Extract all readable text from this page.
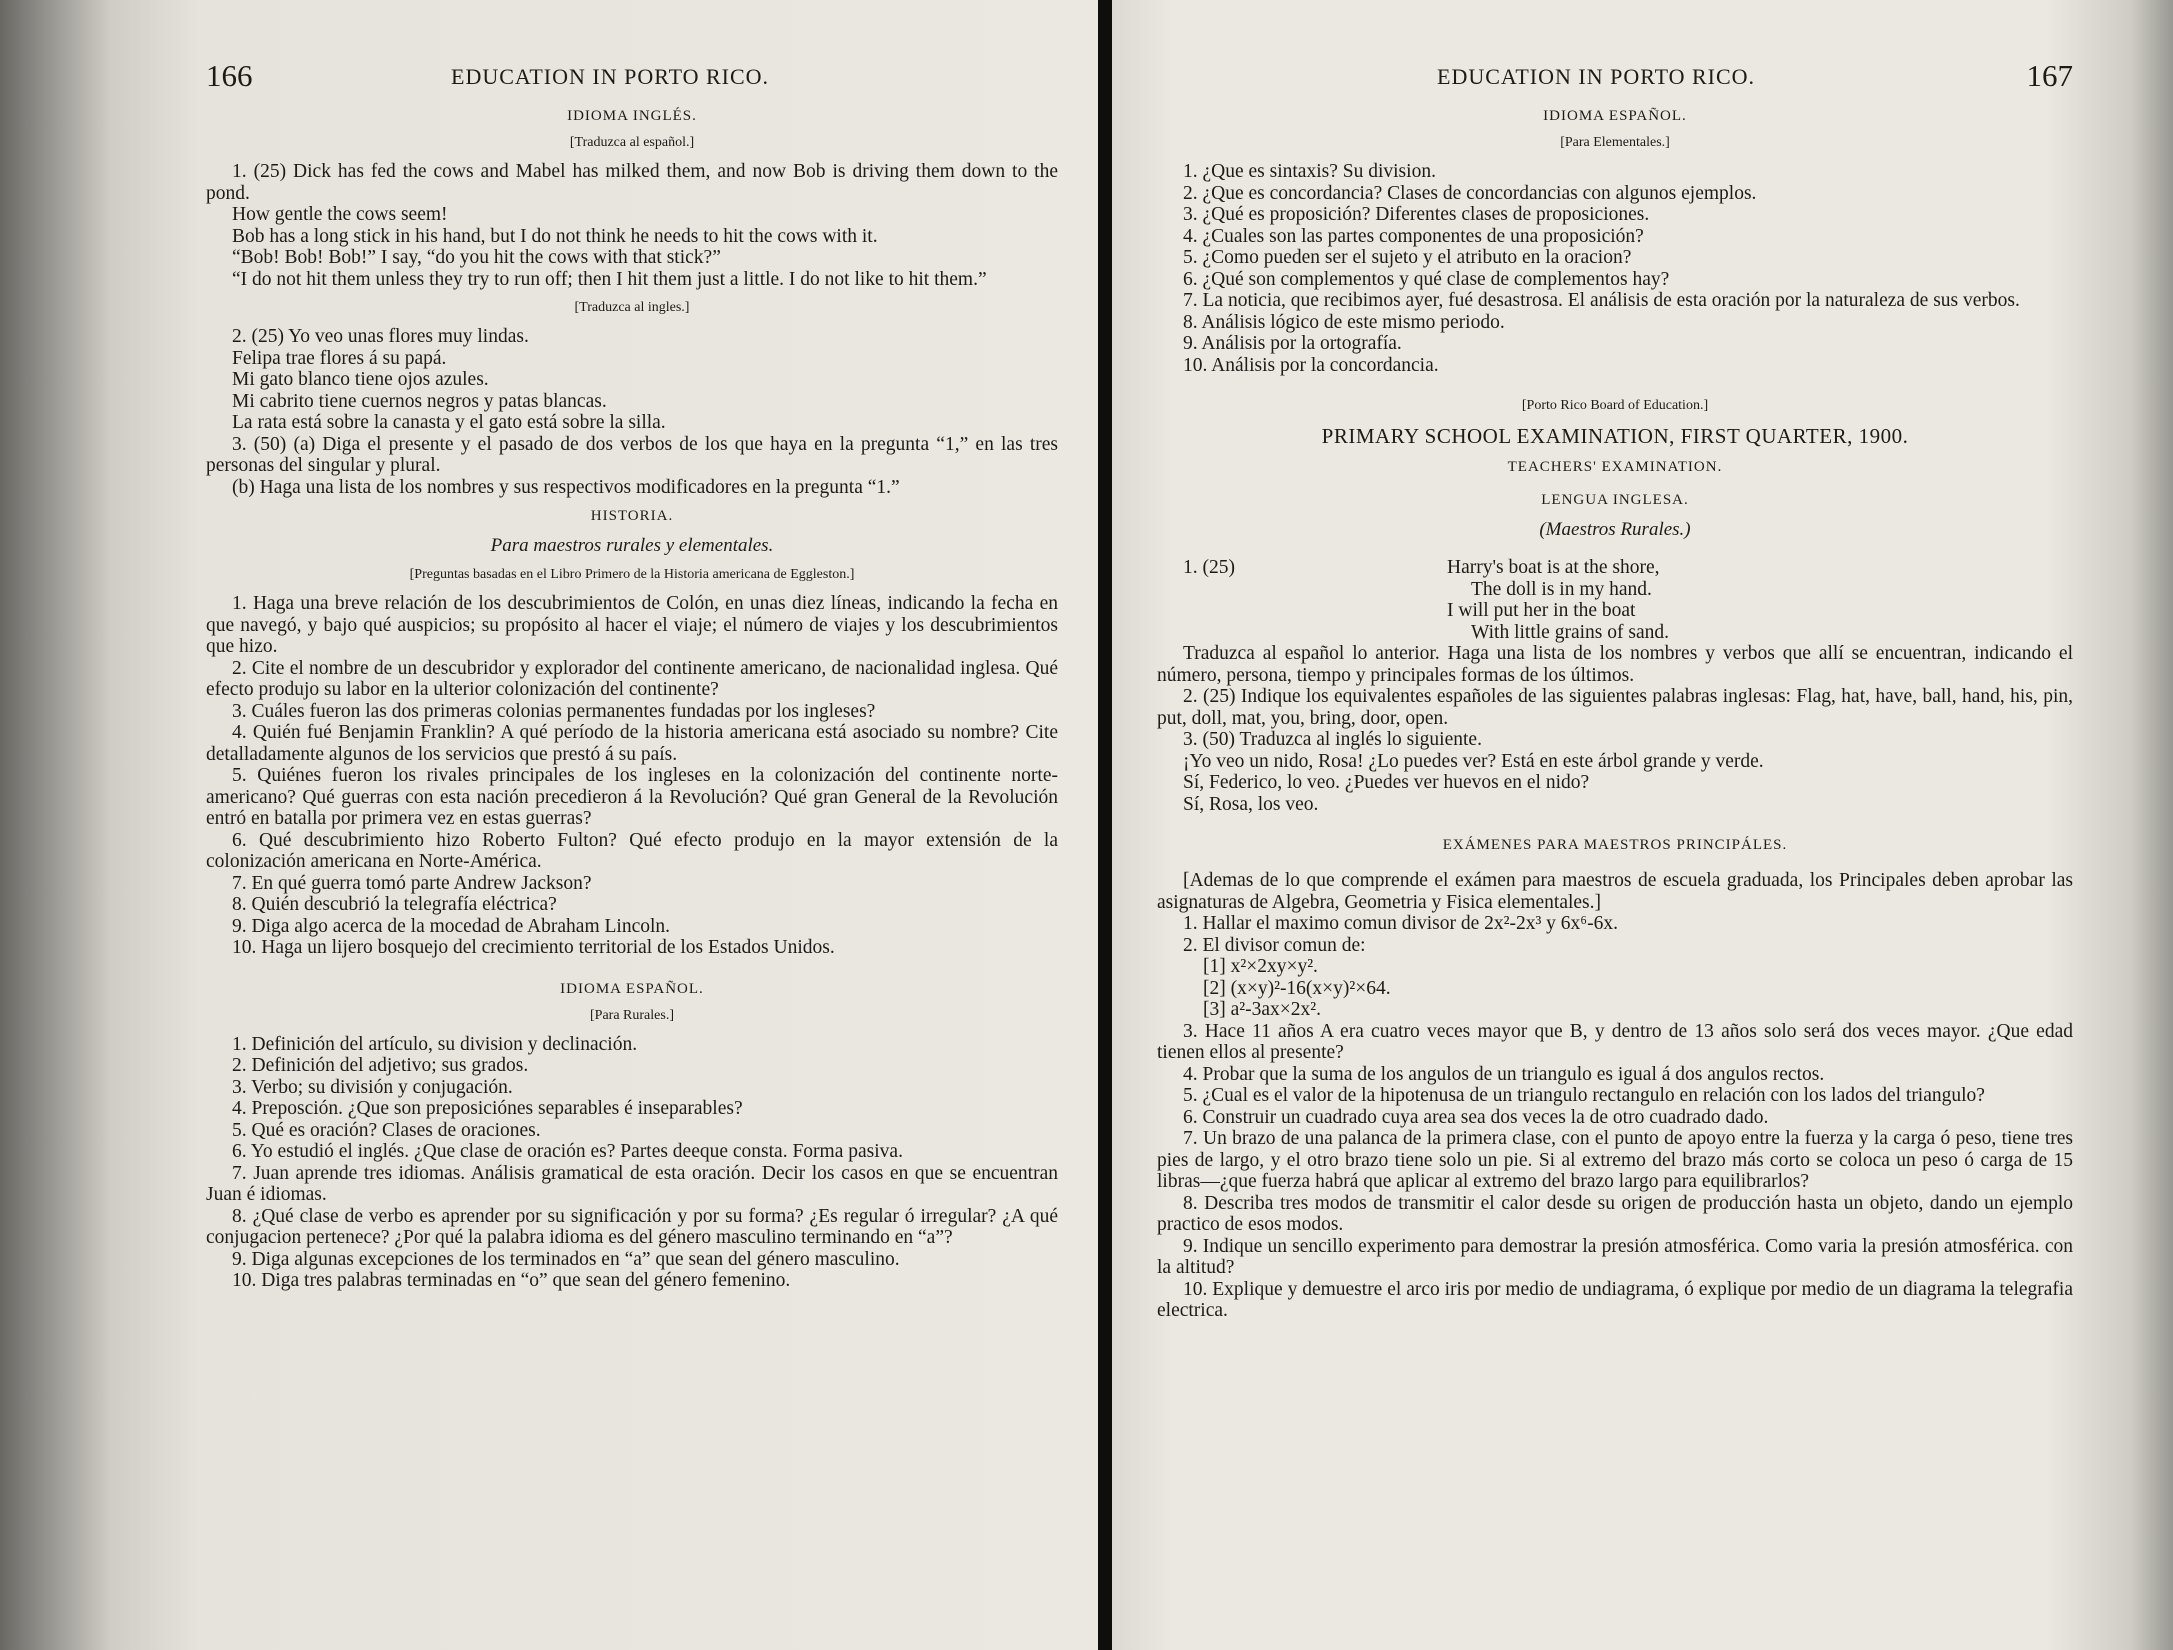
166	EDUCATION IN PORTO RICO.
IDIOMA INGLÉS.
[Traduzca al español.]

1. (25) Dick has fed the cows and Mabel has milked them, and now Bob is driving them down to the pond.

How gentle the cows seem!
Bob has a long stick in his hand, but I do not think he needs to hit the cows with it.
“Bob! Bob! Bob!” I say, “do you hit the cows with that stick?”

“I do not hit them unless they try to run off; then I hit them just a little. I do not like to hit them.”

[Traduzca al ingles.]
2. (25) Yo veo unas flores muy lindas.
Felipa trae flores á su papá.
Mi gato blanco tiene ojos azules.
Mi cabrito tiene cuernos negros y patas blancas.
La rata está sobre la canasta y el gato está sobre la silla.

3. (50) (a) Diga el presente y el pasado de dos verbos de los que haya en la pregunta “1,” en las tres personas del singular y plural.

(b) Haga una lista de los nombres y sus respectivos modificadores en la pregunta “1.”

HISTORIA.
Para maestros rurales y elementales.
[Preguntas basadas en el Libro Primero de la Historia americana de Eggleston.]

1. Haga una breve relación de los descubrimientos de Colón, en unas diez líneas, indicando la fecha en que navegó, y bajo qué auspicios; su propósito al hacer el viaje; el número de viajes y los descubrimientos que hizo.

2. Cite el nombre de un descubridor y explorador del continente americano, de nacionalidad inglesa. Qué efecto produjo su labor en la ulterior colonización del continente?

3. Cuáles fueron las dos primeras colonias permanentes fundadas por los ingleses?

4. Quién fué Benjamin Franklin? A qué período de la historia americana está asociado su nombre? Cite detalladamente algunos de los servicios que prestó á su país.

5. Quiénes fueron los rivales principales de los ingleses en la colonización del continente norte-americano? Qué guerras con esta nación precedieron á la Revolución? Qué gran General de la Revolución entró en batalla por primera vez en estas guerras?

6. Qué descubrimiento hizo Roberto Fulton? Qué efecto produjo en la mayor extensión de la colonización americana en Norte-América.

7. En qué guerra tomó parte Andrew Jackson?

8. Quién descubrió la telegrafía eléctrica?

9. Diga algo acerca de la mocedad de Abraham Lincoln.

10. Haga un lijero bosquejo del crecimiento territorial de los Estados Unidos.

IDIOMA ESPAÑOL.
[Para Rurales.]

1. Definición del artículo, su division y declinación.

2. Definición del adjetivo; sus grados.

3. Verbo; su división y conjugación.

4. Preposción. ¿Que son preposiciónes separables é inseparables?

5. Qué es oración? Clases de oraciones.

6. Yo estudió el inglés. ¿Que clase de oración es? Partes deeque consta. Forma pasiva.

7. Juan aprende tres idiomas. Análisis gramatical de esta oración. Decir los casos en que se encuentran Juan é idiomas.

8. ¿Qué clase de verbo es aprender por su significación y por su forma? ¿Es regular ó irregular? ¿A qué conjugacion pertenece? ¿Por qué la palabra idioma es del género masculino terminando en “a”?

9. Diga algunas excepciones de los terminados en “a” que sean del género masculino.

10. Diga tres palabras terminadas en “o” que sean del género femenino.

EDUCATION IN PORTO RICO.	167
IDIOMA ESPAÑOL.
[Para Elementales.]

1. ¿Que es sintaxis? Su division.

2. ¿Que es concordancia? Clases de concordancias con algunos ejemplos.

3. ¿Qué es proposición? Diferentes clases de proposiciones.

4. ¿Cuales son las partes componentes de una proposición?

5. ¿Como pueden ser el sujeto y el atributo en la oracion?

6. ¿Qué son complementos y qué clase de complementos hay?

7. La noticia, que recibimos ayer, fué desastrosa. El análisis de esta oración por la naturaleza de sus verbos.

8. Análisis lógico de este mismo periodo.

9. Análisis por la ortografía.

10. Análisis por la concordancia.

[Porto Rico Board of Education.]
PRIMARY SCHOOL EXAMINATION, FIRST QUARTER, 1900.
TEACHERS' EXAMINATION.
LENGUA INGLESA.
(Maestros Rurales.)
1. (25)	Harry's boat is at the shore,
The doll is in my hand.
I will put her in the boat
With little grains of sand.

Traduzca al español lo anterior. Haga una lista de los nombres y verbos que allí se encuentran, indicando el número, persona, tiempo y principales formas de los últimos.

2. (25) Indique los equivalentes españoles de las siguientes palabras inglesas: Flag, hat, have, ball, hand, his, pin, put, doll, mat, you, bring, door, open.

3. (50) Traduzca al inglés lo siguiente.

¡Yo veo un nido, Rosa! ¿Lo puedes ver? Está en este árbol grande y verde.
Sí, Federico, lo veo. ¿Puedes ver huevos en el nido?
Sí, Rosa, los veo.
EXÁMENES PARA MAESTROS PRINCIPÁLES.

[Ademas de lo que comprende el exámen para maestros de escuela graduada, los Principales deben aprobar las asignaturas de Algebra, Geometria y Fisica elementales.]

1. Hallar el maximo comun divisor de 2x²-2x³ y 6x⁶-6x.

2. El divisor comun de:

[1] x²×2xy×y².
[2] (x×y)²-16(x×y)²×64.
[3] a²-3ax×2x².

3. Hace 11 años A era cuatro veces mayor que B, y dentro de 13 años solo será dos veces mayor. ¿Que edad tienen ellos al presente?

4. Probar que la suma de los angulos de un triangulo es igual á dos angulos rectos.

5. ¿Cual es el valor de la hipotenusa de un triangulo rectangulo en relación con los lados del triangulo?

6. Construir un cuadrado cuya area sea dos veces la de otro cuadrado dado.

7. Un brazo de una palanca de la primera clase, con el punto de apoyo entre la fuerza y la carga ó peso, tiene tres pies de largo, y el otro brazo tiene solo un pie. Si al extremo del brazo más corto se coloca un peso ó carga de 15 libras—¿que fuerza habrá que aplicar al extremo del brazo largo para equilibrarlos?

8. Describa tres modos de transmitir el calor desde su origen de producción hasta un objeto, dando un ejemplo practico de esos modos.

9. Indique un sencillo experimento para demostrar la presión atmosférica. Como varia la presión atmosférica. con la altitud?

10. Explique y demuestre el arco iris por medio de undiagrama, ó explique por medio de un diagrama la telegrafia electrica.
